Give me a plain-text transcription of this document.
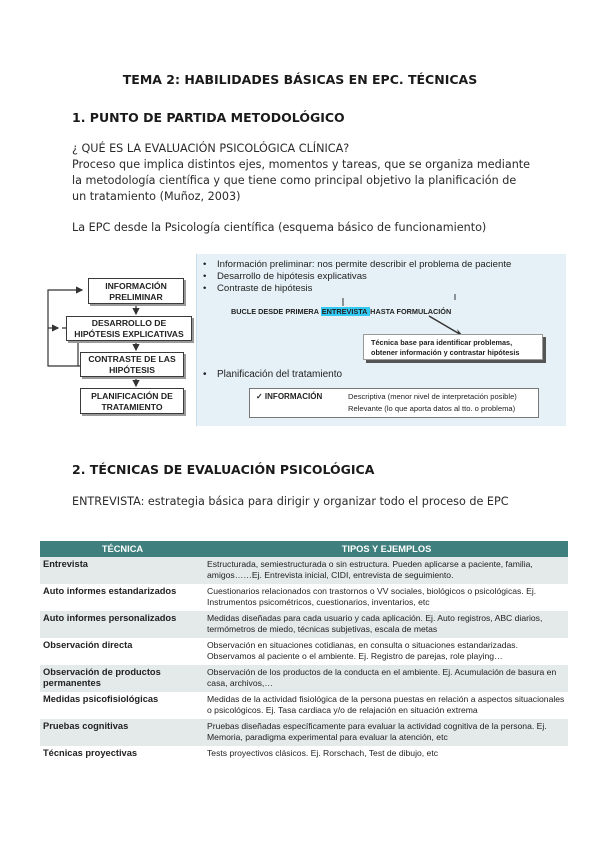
TEMA 2: HABILIDADES BÁSICAS EN EPC. TÉCNICAS
1. PUNTO DE PARTIDA METODOLÓGICO
¿ QUÉ ES LA EVALUACIÓN PSICOLÓGICA CLÍNICA?
Proceso que implica distintos ejes, momentos y tareas, que se organiza mediante
la metodología científica y que tiene como principal objetivo la planificación de
un tratamiento (Muñoz, 2003)
La EPC desde la Psicología científica (esquema básico de funcionamiento)
INFORMACIÓN
PRELIMINAR
DESARROLLO DE
HIPÓTESIS EXPLICATIVAS
CONTRASTE DE LAS
HIPÓTESIS
PLANIFICACIÓN DE
TRATAMIENTO
• Información preliminar: nos permite describir el problema de paciente
• Desarrollo de hipótesis explicativas
• Contraste de hipótesis
BUCLE DESDE PRIMERA ENTREVISTA HASTA FORMULACIÓN
Técnica base para identificar problemas,
obtener información y contrastar hipótesis
• Planificación del tratamiento
✓ INFORMACIÓN	Descriptiva (menor nivel de interpretación posible)
Relevante (lo que aporta datos al tto. o problema)
2. TÉCNICAS DE EVALUACIÓN PSICOLÓGICA
ENTREVISTA: estrategia básica para dirigir y organizar todo el proceso de EPC
TÉCNICA	TIPOS Y EJEMPLOS
Entrevista	Estructurada, semiestructurada o sin estructura. Pueden aplicarse a paciente, familia, amigos……Ej. Entrevista inicial, CIDI, entrevista de seguimiento.
Auto informes estandarizados	Cuestionarios relacionados con trastornos o VV sociales, biológicos o psicológicas. Ej. Instrumentos psicométricos, cuestionarios, inventarios, etc
Auto informes personalizados	Medidas diseñadas para cada usuario y cada aplicación. Ej. Auto registros, ABC diarios, termómetros de miedo, técnicas subjetivas, escala de metas
Observación directa	Observación en situaciones cotidianas, en consulta o situaciones estandarizadas. Observamos al paciente o el ambiente. Ej. Registro de parejas, role playing…
Observación de productos permanentes	Observación de los productos de la conducta en el ambiente. Ej. Acumulación de basura en casa, archivos,…
Medidas psicofisiológicas	Medidas de la actividad fisiológica de la persona puestas en relación a aspectos situacionales o psicológicos. Ej. Tasa cardiaca y/o de relajación en situación extrema
Pruebas cognitivas	Pruebas diseñadas específicamente para evaluar la actividad cognitiva de la persona. Ej. Memoria, paradigma experimental para evaluar la atención, etc
Técnicas proyectivas	Tests proyectivos clásicos. Ej. Rorschach, Test de dibujo, etc
